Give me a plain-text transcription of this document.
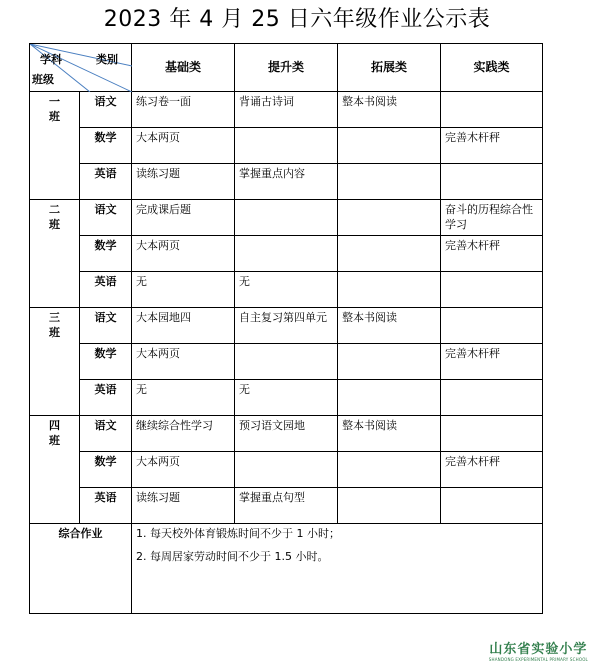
2023 年 4 月 25 日六年级作业公示表
学科 类别
班级		基础类	提升类	拓展类	实践类
一班	语文	练习卷一面	背诵古诗词	整本书阅读	
	数学	大本两页			完善木杆秤
	英语	读练习题	掌握重点内容		
二班	语文	完成课后题			奋斗的历程综合性学习
	数学	大本两页			完善木杆秤
	英语	无	无		
三班	语文	大本园地四	自主复习第四单元	整本书阅读	
	数学	大本两页			完善木杆秤
	英语	无	无		
四班	语文	继续综合性学习	预习语文园地	整本书阅读	
	数学	大本两页			完善木杆秤
	英语	读练习题	掌握重点句型		
综合作业		1. 每天校外体育锻炼时间不少于 1 小时；
2. 每周居家劳动时间不少于 1.5 小时。			
山东省实验小学
SHANDONG EXPERIMENTAL PRIMARY SCHOOL
